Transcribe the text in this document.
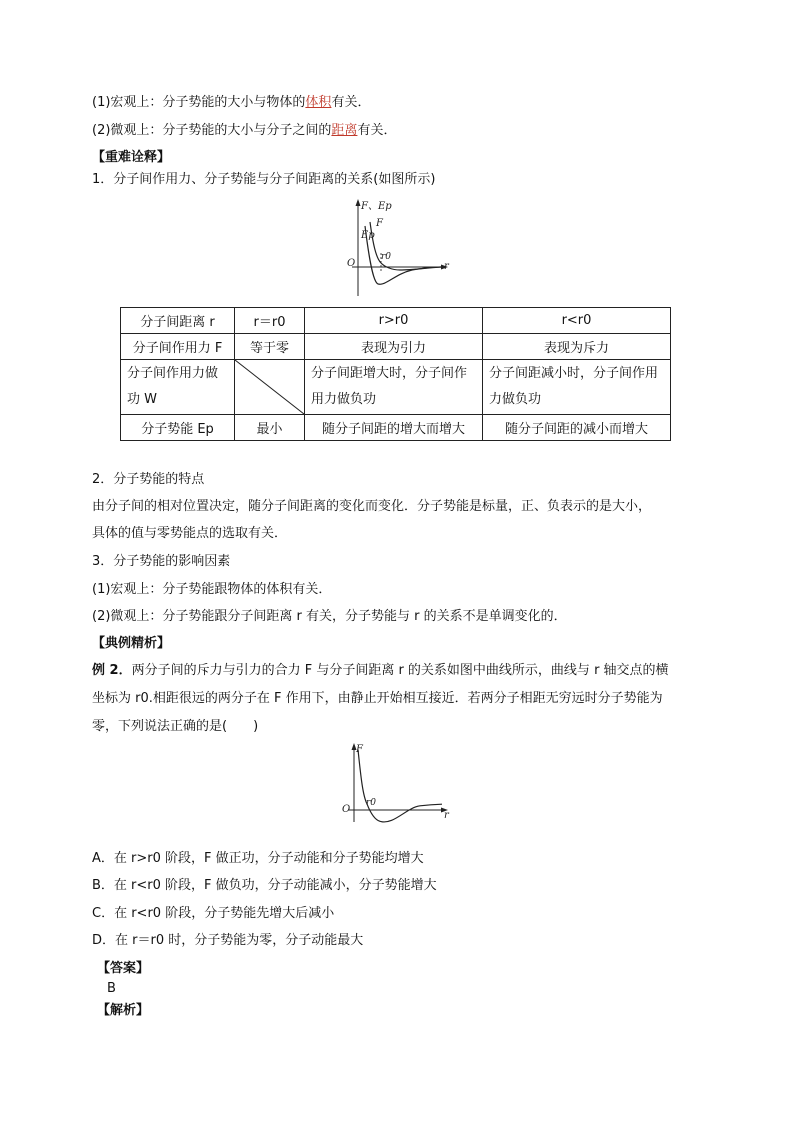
(1)宏观上：分子势能的大小与物体的体积有关．
(2)微观上：分子势能的大小与分子之间的距离有关．
【重难诠释】
1．分子间作用力、分子势能与分子间距离的关系(如图所示)
F、Ep
F
Ep
r0
O	r
分子间距离 r	r＝r0	r>r0	r<r0
分子间作用力 F	等于零	表现为引力	表现为斥力
分子间作用力做功 W		分子间距增大时，分子间作用力做负功	分子间距减小时，分子间作用力做负功
分子势能 Ep	最小	随分子间距的增大而增大	随分子间距的减小而增大
2．分子势能的特点
由分子间的相对位置决定，随分子间距离的变化而变化．分子势能是标量，正、负表示的是大小，
具体的值与零势能点的选取有关．
3．分子势能的影响因素
(1)宏观上：分子势能跟物体的体积有关．
(2)微观上：分子势能跟分子间距离 r 有关，分子势能与 r 的关系不是单调变化的．
【典例精析】
例 2．两分子间的斥力与引力的合力 F 与分子间距离 r 的关系如图中曲线所示，曲线与 r 轴交点的横
坐标为 r0.相距很远的两分子在 F 作用下，由静止开始相互接近．若两分子相距无穷远时分子势能为
零，下列说法正确的是(　　)
F
r0
O
r
A．在 r>r0 阶段，F 做正功，分子动能和分子势能均增大
B．在 r<r0 阶段，F 做负功，分子动能减小，分子势能增大
C．在 r<r0 阶段，分子势能先增大后减小
D．在 r＝r0 时，分子势能为零，分子动能最大
【答案】
B
【解析】
